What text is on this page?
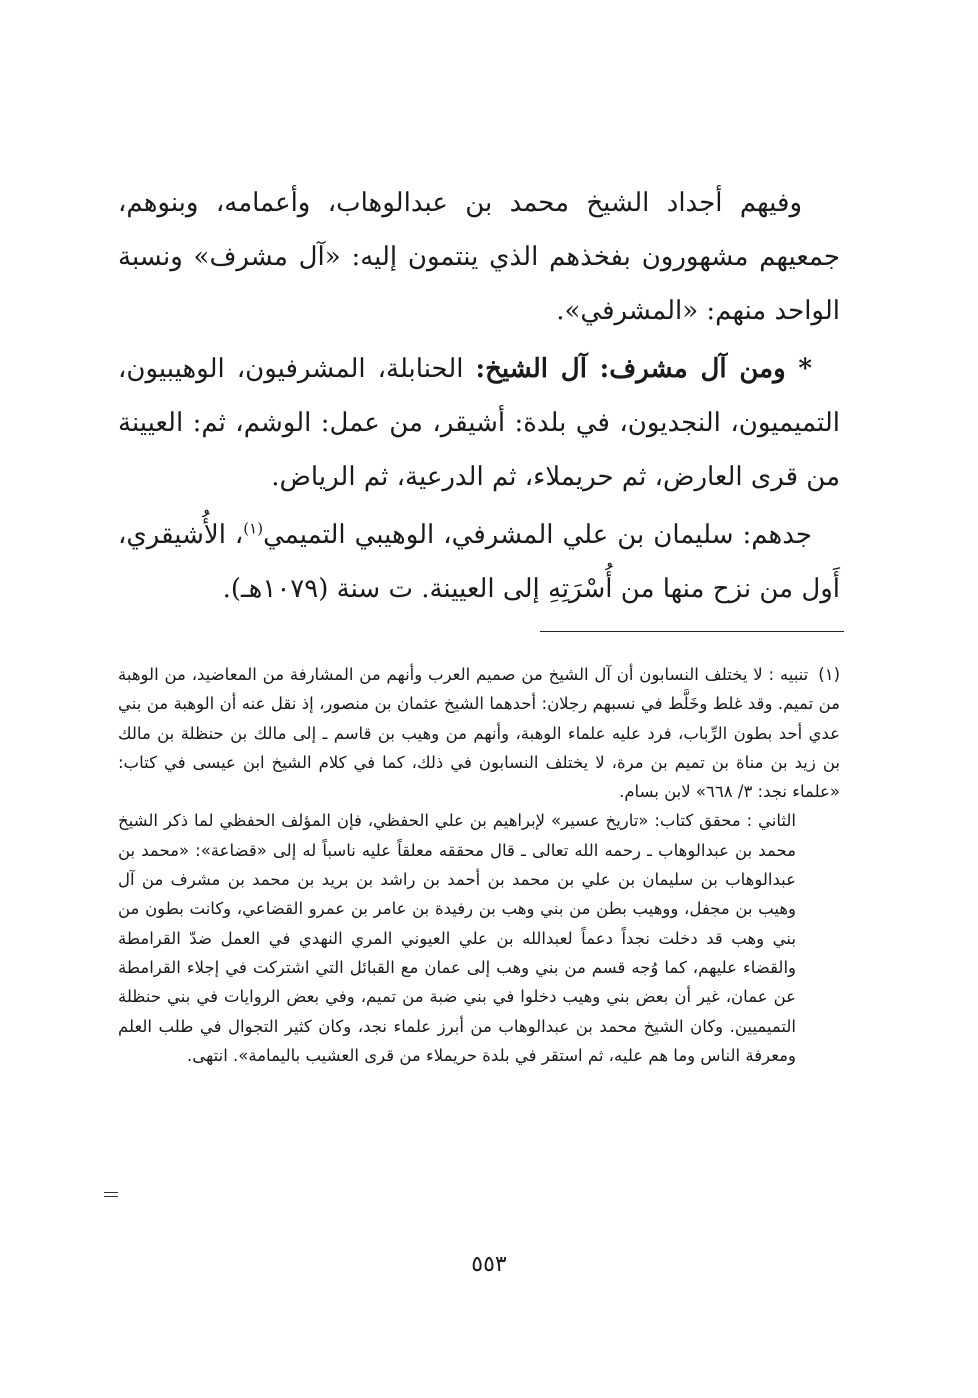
وفيهم أجداد الشيخ محمد بن عبدالوهاب، وأعمامه، وبنوهم، جمعيهم مشهورون بفخذهم الذي ينتمون إليه: «آل مشرف» ونسبة الواحد منهم: «المشرفي».

* ومن آل مشرف: آل الشيخ: الحنابلة، المشرفيون، الوهيبيون، التميميون، النجديون، في بلدة: أشيقر، من عمل: الوشم، ثم: العيينة من قرى العارض، ثم حريملاء، ثم الدرعية، ثم الرياض.

جدهم: سليمان بن علي المشرفي، الوهيبي التميمي$^{(١)}$، الأُشيقري، أَول من نزح منها من أُسْرَتِهِ إلى العيينة. ت سنة (١٠٧٩هـ).

(١)تنبيه : لا يختلف النسابون أن آل الشيخ من صميم العرب وأنهم من المشارفة من المعاضيد، من الوهبة من تميم. وقد غلط وخَلَّط في نسبهم رجلان: أحدهما الشيخ عثمان بن منصور، إذ نقل عنه أن الوهبة من بني عدي أحد بطون الرِّباب، فرد عليه علماء الوهبة، وأنهم من وهيب بن قاسم ـ إلى مالك بن حنظلة بن مالك بن زيد بن مناة بن تميم بن مرة، لا يختلف النسابون في ذلك، كما في كلام الشيخ ابن عيسى في كتاب: «علماء نجد: ٣/ ٦٦٨» لابن بسام.

الثاني : محقق كتاب: «تاريخ عسير» لإبراهيم بن علي الحفظي، فإن المؤلف الحفظي لما ذكر الشيخ محمد بن عبدالوهاب ـ رحمه الله تعالى ـ قال محققه معلقاً عليه ناسباً له إلى «قضاعة»: «محمد بن عبدالوهاب بن سليمان بن علي بن محمد بن أحمد بن راشد بن بريد بن محمد بن مشرف من آل وهيب بن مجفل، ووهيب بطن من بني وهب بن رفيدة بن عامر بن عمرو القضاعي، وكانت بطون من بني وهب قد دخلت نجداً دعماً لعبدالله بن علي العيوني المري النهدي في العمل ضدّ القرامطة والقضاء عليهم، كما وُجه قسم من بني وهب إلى عمان مع القبائل التي اشتركت في إجلاء القرامطة عن عمان، غير أن بعض بني وهيب دخلوا في بني ضبة من تميم، وفي بعض الروايات في بني حنظلة التميميين. وكان الشيخ محمد بن عبدالوهاب من أبرز علماء نجد، وكان كثير التجوال في طلب العلم ومعرفة الناس وما هم عليه، ثم استقر في بلدة حريملاء من قرى العشيب باليمامة». انتهى.

٥٥٣
